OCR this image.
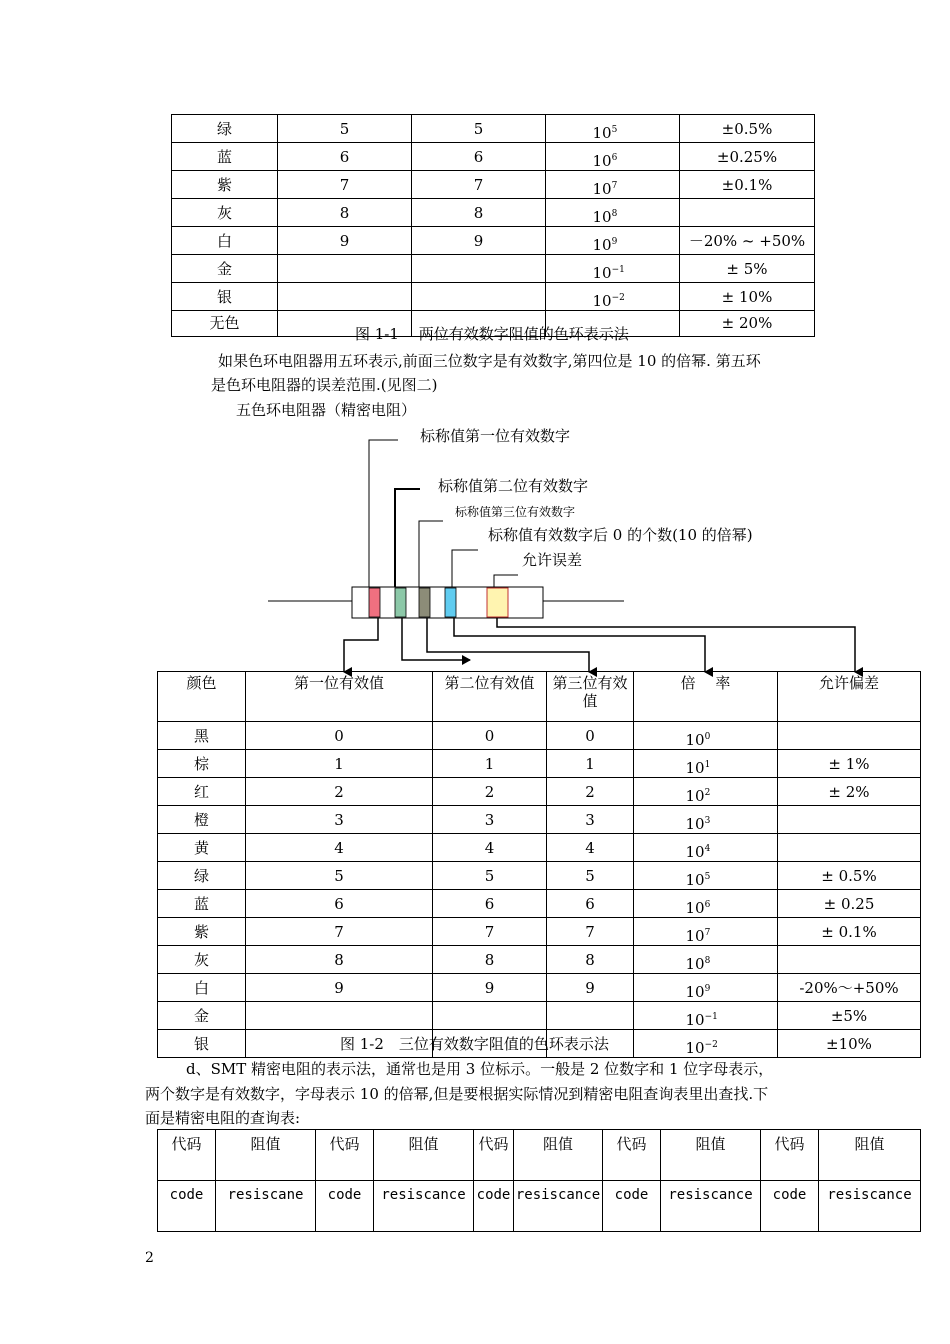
绿	5	5	$10^5$	±0.5%
蓝	6	6	$10^6$	±0.25%
紫	7	7	$10^7$	±0.1%
灰	8	8	$10^8$	
白	9	9	$10^9$	－20% ~ +50%
金			$10^{-1}$	± 5%
银			$10^{-2}$	± 10%
无色				± 20%
图 1-1　 两位有效数字阻值的色环表示法
如果色环电阻器用五环表示,前面三位数字是有效数字,第四位是 10 的倍幂. 第五环
是色环电阻器的误差范围.(见图二)
五色环电阻器（精密电阻）
标称值第一位有效数字
标称值第二位有效数字
标称值第三位有效数字
标称值有效数字后 0 的个数(10 的倍幂)
允许误差
颜色	第一位有效值	第二位有效值	第三位有效值	倍　 率	允许偏差
黑	0	0	0	$10^0$	
棕	1	1	1	$10^1$	± 1%
红	2	2	2	$10^2$	± 2%
橙	3	3	3	$10^3$	
黄	4	4	4	$10^4$	
绿	5	5	5	$10^5$	± 0.5%
蓝	6	6	6	$10^6$	± 0.25
紫	7	7	7	$10^7$	± 0.1%
灰	8	8	8	$10^8$	
白	9	9	9	$10^9$	-20%～+50%
金				$10^{-1}$	±5%
银				$10^{-2}$	±10%
图 1-2　三位有效数字阻值的色环表示法
d、SMT 精密电阻的表示法，通常也是用 3 位标示。一般是 2 位数字和 1 位字母表示，
两个数字是有效数字，字母表示 10 的倍幂,但是要根据实际情况到精密电阻查询表里出查找.下
面是精密电阻的查询表:
代码	阻值	代码	阻值	代码	阻值	代码	阻值	代码	阻值
code	resiscane	code	resiscance	code	resiscance	code	resiscance	code	resiscance
2
